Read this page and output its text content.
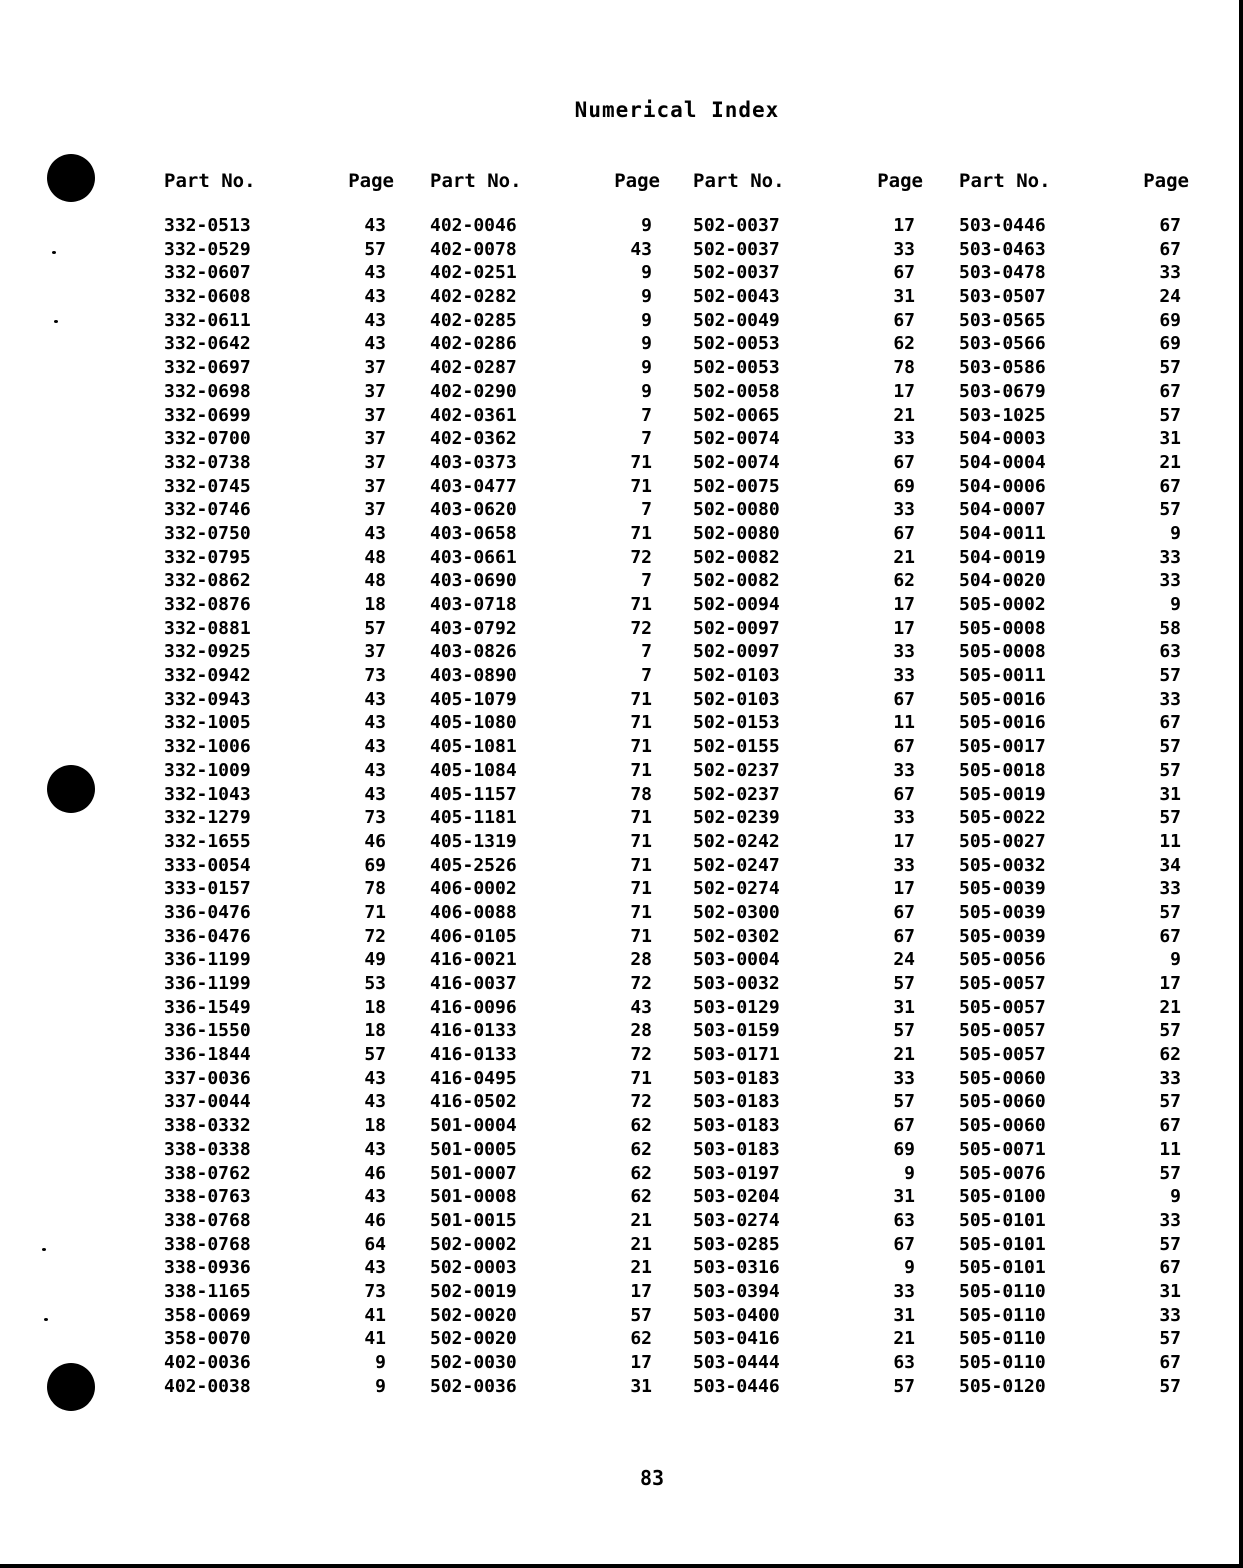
Numerical Index
Part No.	Page
332-0513	43
332-0529	57
332-0607	43
332-0608	43
332-0611	43
332-0642	43
332-0697	37
332-0698	37
332-0699	37
332-0700	37
332-0738	37
332-0745	37
332-0746	37
332-0750	43
332-0795	48
332-0862	48
332-0876	18
332-0881	57
332-0925	37
332-0942	73
332-0943	43
332-1005	43
332-1006	43
332-1009	43
332-1043	43
332-1279	73
332-1655	46
333-0054	69
333-0157	78
336-0476	71
336-0476	72
336-1199	49
336-1199	53
336-1549	18
336-1550	18
336-1844	57
337-0036	43
337-0044	43
338-0332	18
338-0338	43
338-0762	46
338-0763	43
338-0768	46
338-0768	64
338-0936	43
338-1165	73
358-0069	41
358-0070	41
402-0036	9
402-0038	9
Part No.	Page
402-0046	9
402-0078	43
402-0251	9
402-0282	9
402-0285	9
402-0286	9
402-0287	9
402-0290	9
402-0361	7
402-0362	7
403-0373	71
403-0477	71
403-0620	7
403-0658	71
403-0661	72
403-0690	7
403-0718	71
403-0792	72
403-0826	7
403-0890	7
405-1079	71
405-1080	71
405-1081	71
405-1084	71
405-1157	78
405-1181	71
405-1319	71
405-2526	71
406-0002	71
406-0088	71
406-0105	71
416-0021	28
416-0037	72
416-0096	43
416-0133	28
416-0133	72
416-0495	71
416-0502	72
501-0004	62
501-0005	62
501-0007	62
501-0008	62
501-0015	21
502-0002	21
502-0003	21
502-0019	17
502-0020	57
502-0020	62
502-0030	17
502-0036	31
Part No.	Page
502-0037	17
502-0037	33
502-0037	67
502-0043	31
502-0049	67
502-0053	62
502-0053	78
502-0058	17
502-0065	21
502-0074	33
502-0074	67
502-0075	69
502-0080	33
502-0080	67
502-0082	21
502-0082	62
502-0094	17
502-0097	17
502-0097	33
502-0103	33
502-0103	67
502-0153	11
502-0155	67
502-0237	33
502-0237	67
502-0239	33
502-0242	17
502-0247	33
502-0274	17
502-0300	67
502-0302	67
503-0004	24
503-0032	57
503-0129	31
503-0159	57
503-0171	21
503-0183	33
503-0183	57
503-0183	67
503-0183	69
503-0197	9
503-0204	31
503-0274	63
503-0285	67
503-0316	9
503-0394	33
503-0400	31
503-0416	21
503-0444	63
503-0446	57
Part No.	Page
503-0446	67
503-0463	67
503-0478	33
503-0507	24
503-0565	69
503-0566	69
503-0586	57
503-0679	67
503-1025	57
504-0003	31
504-0004	21
504-0006	67
504-0007	57
504-0011	9
504-0019	33
504-0020	33
505-0002	9
505-0008	58
505-0008	63
505-0011	57
505-0016	33
505-0016	67
505-0017	57
505-0018	57
505-0019	31
505-0022	57
505-0027	11
505-0032	34
505-0039	33
505-0039	57
505-0039	67
505-0056	9
505-0057	17
505-0057	21
505-0057	57
505-0057	62
505-0060	33
505-0060	57
505-0060	67
505-0071	11
505-0076	57
505-0100	9
505-0101	33
505-0101	57
505-0101	67
505-0110	31
505-0110	33
505-0110	57
505-0110	67
505-0120	57
83
